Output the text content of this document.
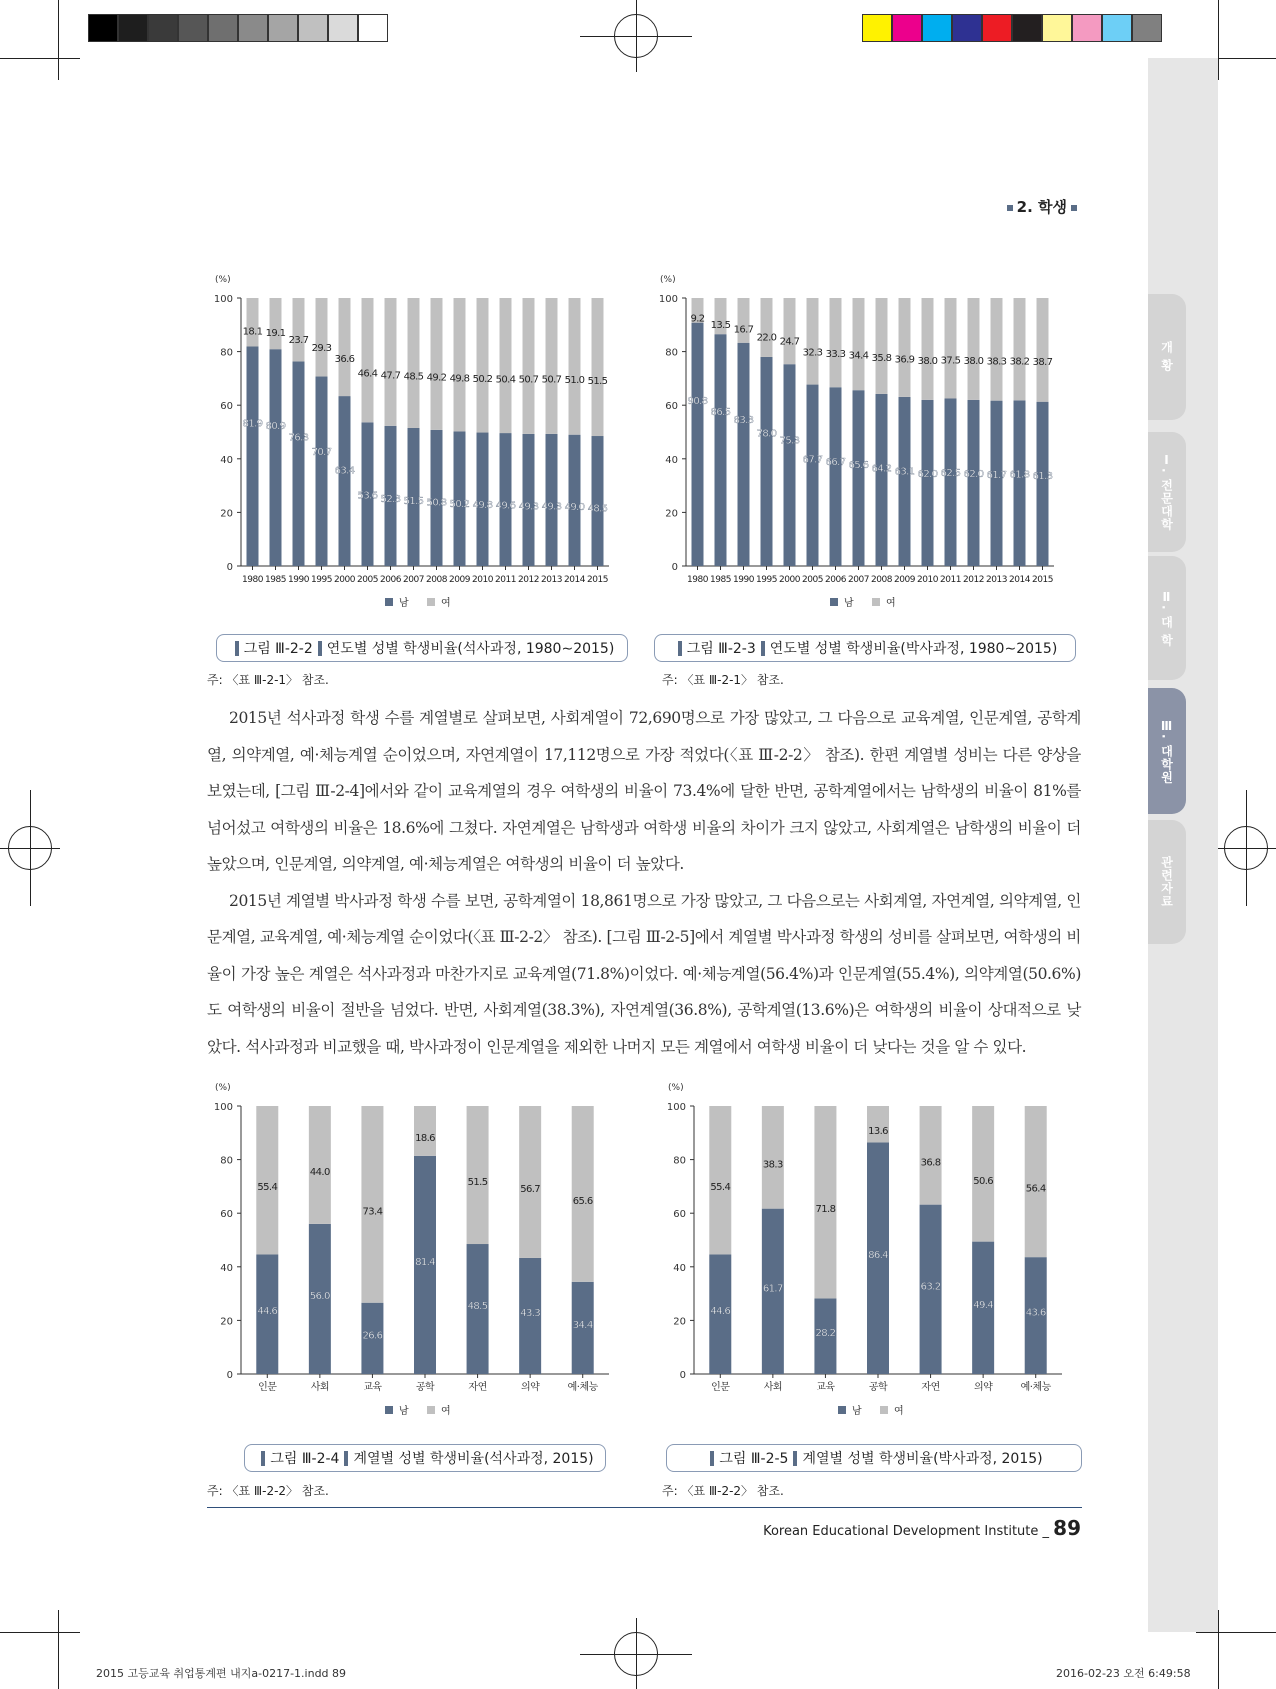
개 황
Ⅰ. 전문대학
Ⅱ. 대 학
Ⅲ. 대학원
관련자료
2. 학생
(%)
0
20
40
60
80
100
1980
81.9
18.1
1985
80.9
19.1
1990
76.3
23.7
1995
70.7
29.3
2000
63.4
36.6
2005
53.6
46.4
2006
52.3
47.7
2007
51.5
48.5
2008
50.8
49.2
2009
50.2
49.8
2010
49.8
50.2
2011
49.6
50.4
2012
49.3
50.7
2013
49.3
50.7
2014
49.0
51.0
2015
48.5
51.5
남	여
(%)
0
20
40
60
80
100
1980
90.8
9.2
1985
86.5
13.5
1990
83.3
16.7
1995
78.0
22.0
2000
75.3
24.7
2005
67.7
32.3
2006
66.7
33.3
2007
65.6
34.4
2008
64.2
35.8
2009
63.1
36.9
2010
62.0
38.0
2011
62.5
37.5
2012
62.0
38.0
2013
61.7
38.3
2014
61.8
38.2
2015
61.3
38.7
남	여
그림 Ⅲ-2-2 연도별 성별 학생비율(석사과정, 1980∼2015)	그림 Ⅲ-2-3 연도별 성별 학생비율(박사과정, 1980∼2015)
주: 〈표 Ⅲ-2-1〉 참조.	주: 〈표 Ⅲ-2-1〉 참조.

2015년 석사과정 학생 수를 계열별로 살펴보면, 사회계열이 72,690명으로 가장 많았고, 그 다음으로 교육계열, 인문계열, 공학계열, 의약계열, 예·체능계열 순이었으며, 자연계열이 17,112명으로 가장 적었다(〈표 Ⅲ-2-2〉 참조). 한편 계열별 성비는 다른 양상을 보였는데, [그림 Ⅲ-2-4]에서와 같이 교육계열의 경우 여학생의 비율이 73.4%에 달한 반면, 공학계열에서는 남학생의 비율이 81%를 넘어섰고 여학생의 비율은 18.6%에 그쳤다. 자연계열은 남학생과 여학생 비율의 차이가 크지 않았고, 사회계열은 남학생의 비율이 더 높았으며, 인문계열, 의약계열, 예·체능계열은 여학생의 비율이 더 높았다.

2015년 계열별 박사과정 학생 수를 보면, 공학계열이 18,861명으로 가장 많았고, 그 다음으로는 사회계열, 자연계열, 의약계열, 인문계열, 교육계열, 예·체능계열 순이었다(〈표 Ⅲ-2-2〉 참조). [그림 Ⅲ-2-5]에서 계열별 박사과정 학생의 성비를 살펴보면, 여학생의 비율이 가장 높은 계열은 석사과정과 마찬가지로 교육계열(71.8%)이었다. 예·체능계열(56.4%)과 인문계열(55.4%), 의약계열(50.6%)도 여학생의 비율이 절반을 넘었다. 반면, 사회계열(38.3%), 자연계열(36.8%), 공학계열(13.6%)은 여학생의 비율이 상대적으로 낮았다. 석사과정과 비교했을 때, 박사과정이 인문계열을 제외한 나머지 모든 계열에서 여학생 비율이 더 낮다는 것을 알 수 있다.

(%)
0
20
40
60
80
100
인문
44.6
55.4
사회
56.0
44.0
교육
26.6
73.4
공학
81.4
18.6
자연
48.5
51.5
의약
43.3
56.7
예·체능
34.4
65.6
남	여
(%)
0
20
40
60
80
100
인문
44.6
55.4
사회
61.7
38.3
교육
28.2
71.8
공학
86.4
13.6
자연
63.2
36.8
의약
49.4
50.6
예·체능
43.6
56.4
남	여
그림 Ⅲ-2-4 계열별 성별 학생비율(석사과정, 2015)	그림 Ⅲ-2-5 계열별 성별 학생비율(박사과정, 2015)
주: 〈표 Ⅲ-2-2〉 참조.	주: 〈표 Ⅲ-2-2〉 참조.
Korean Educational Development Institute _ 89
2015 고등교육 취업통계편 내지a-0217-1.indd 89	2016-02-23 오전 6:49:58
